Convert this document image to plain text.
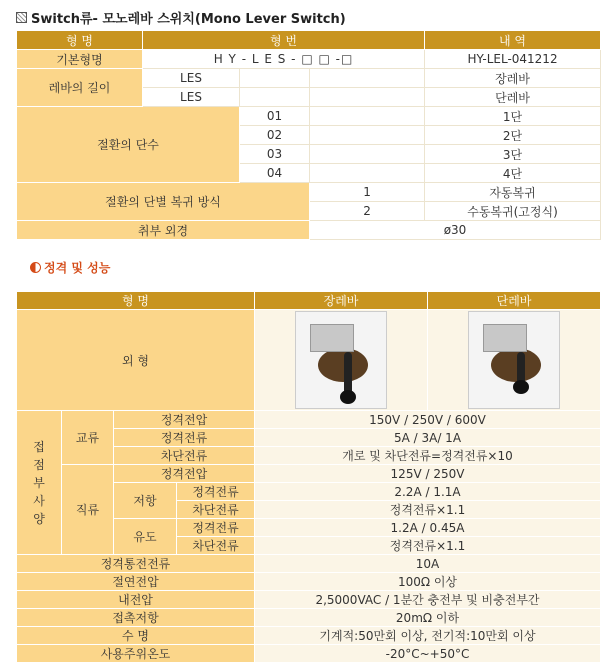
Switch류- 모노레바 스위치(Mono Lever Switch)
형 명	형 번			내 역
기본형명	H Y - L E S - □ □ -□			HY-LEL-041212
레바의 길이	LES			장레바
	LES			단레바
절환의 단수		01		1단
		02		2단
		03		3단
		04		4단
절환의 단별 복귀 방식			1	자동복귀
			2	수동복귀(고정식)
취부 외경			ø30	
정격 및 성능
형 명				장레바	단레바
외 형				

접
점
부
사
양	교류	정격전압		150V / 250V / 600V	
		정격전류		5A / 3A/ 1A	
		차단전류		개로 및 차단전류=정격전류×10	
	직류	정격전압		125V / 250V	
		저항	정격전류	2.2A / 1.1A	
			차단전류	정격전류×1.1	
		유도	정격전류	1.2A / 0.45A	
			차단전류	정격전류×1.1	
정격통전전류				10A	
절연전압				100Ω 이상	
내전압				2,5000VAC / 1분간 충전부 및 비충전부간	
접촉저항				20mΩ 이하	
수 명				기계적:50만회 이상, 전기적:10만회 이상	
사용주위온도				-20°C~+50°C	
